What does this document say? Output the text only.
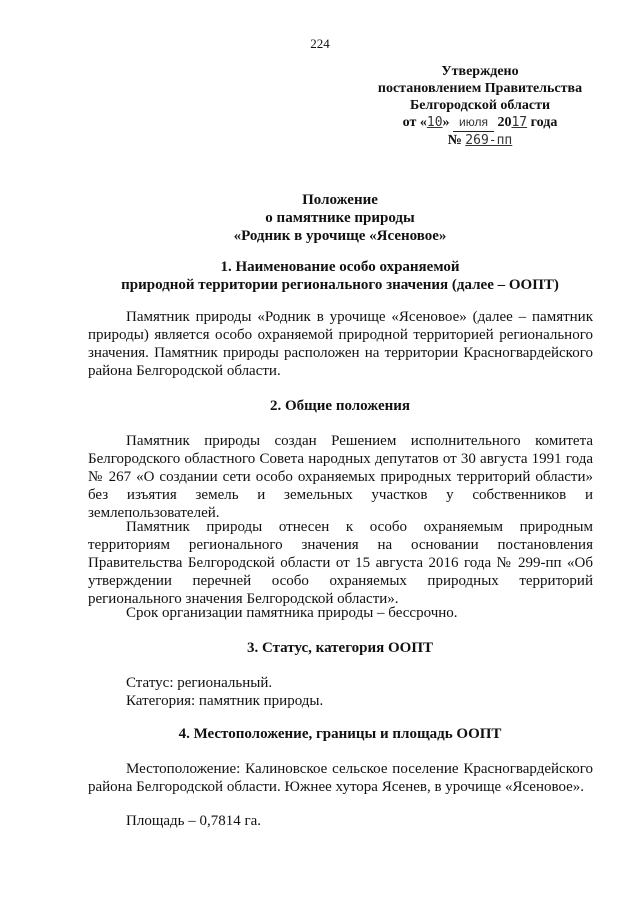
224
Утверждено
постановлением Правительства
Белгородской области
от «10» июля 2017 года
№ 269-пп
Положение
о памятнике природы
«Родник в урочище «Ясеновое»
1. Наименование особо охраняемой
природной территории регионального значения (далее – ООПТ)

Памятник природы «Родник в урочище «Ясеновое» (далее – памятник природы) является особо охраняемой природной территорией регионального значения. Памятник природы расположен на территории Красногвардейского района Белгородской области.

2. Общие положения

Памятник природы создан Решением исполнительного комитета Белгородского областного Совета народных депутатов от 30 августа 1991 года № 267 «О создании сети особо охраняемых природных территорий области» без изъятия земель и земельных участков у собственников и землепользователей.

Памятник природы отнесен к особо охраняемым природным территориям регионального значения на основании постановления Правительства Белгородской области от 15 августа 2016 года № 299-пп «Об утверждении перечней особо охраняемых природных территорий регионального значения Белгородской области».

Срок организации памятника природы – бессрочно.

3. Статус, категория ООПТ

Статус: региональный.

Категория: памятник природы.

4. Местоположение, границы и площадь ООПТ

Местоположение: Калиновское сельское поселение Красногвардейского района Белгородской области. Южнее хутора Ясенев, в урочище «Ясеновое».

Площадь – 0,7814 га.
